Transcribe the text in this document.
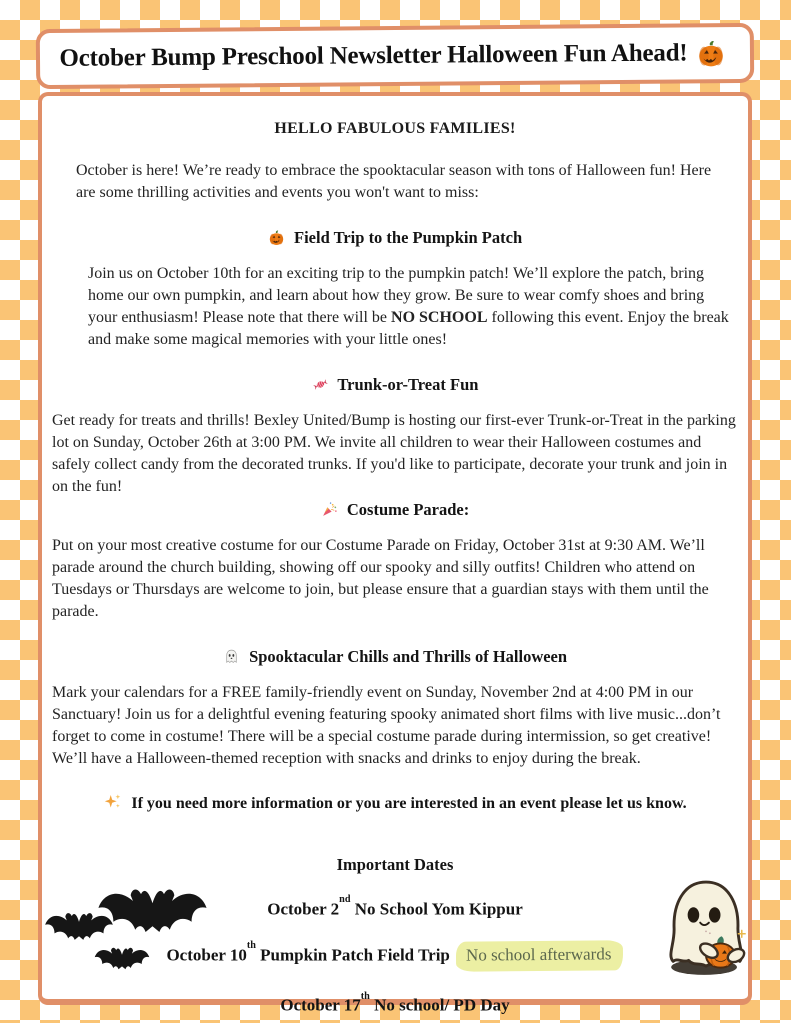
October Bump Preschool Newsletter Halloween Fun Ahead!
HELLO FABULOUS FAMILIES!

October is here! We’re ready to embrace the spooktacular season with tons of Halloween fun! Here are some thrilling activities and events you won't want to miss:

Field Trip to the Pumpkin Patch

Join us on October 10th for an exciting trip to the pumpkin patch! We’ll explore the patch, bring home our own pumpkin, and learn about how they grow. Be sure to wear comfy shoes and bring your enthusiasm! Please note that there will be NO SCHOOL following this event. Enjoy the break and make some magical memories with your little ones!

Trunk-or-Treat Fun

Get ready for treats and thrills! Bexley United/Bump is hosting our first-ever Trunk-or-Treat in the parking lot on Sunday, October 26th at 3:00 PM. We invite all children to wear their Halloween costumes and safely collect candy from the decorated trunks. If you'd like to participate, decorate your trunk and join in on the fun!

Costume Parade:

Put on your most creative costume for our Costume Parade on Friday, October 31st at 9:30 AM. We’ll parade around the church building, showing off our spooky and silly outfits! Children who attend on Tuesdays or Thursdays are welcome to join, but please ensure that a guardian stays with them until the parade.

Spooktacular Chills and Thrills of Halloween

Mark your calendars for a FREE family-friendly event on Sunday, November 2nd at 4:00 PM in our Sanctuary! Join us for a delightful evening featuring spooky animated short films with live music...don’t forget to come in costume! There will be a special costume parade during intermission, so get creative! We’ll have a Halloween-themed reception with snacks and drinks to enjoy during the break.

If you need more information or you are interested in an event please let us know.

Important Dates

October 2nd No School Yom Kippur

October 10th Pumpkin Patch Field Trip No school afterwards

October 17th No school/ PD Day
